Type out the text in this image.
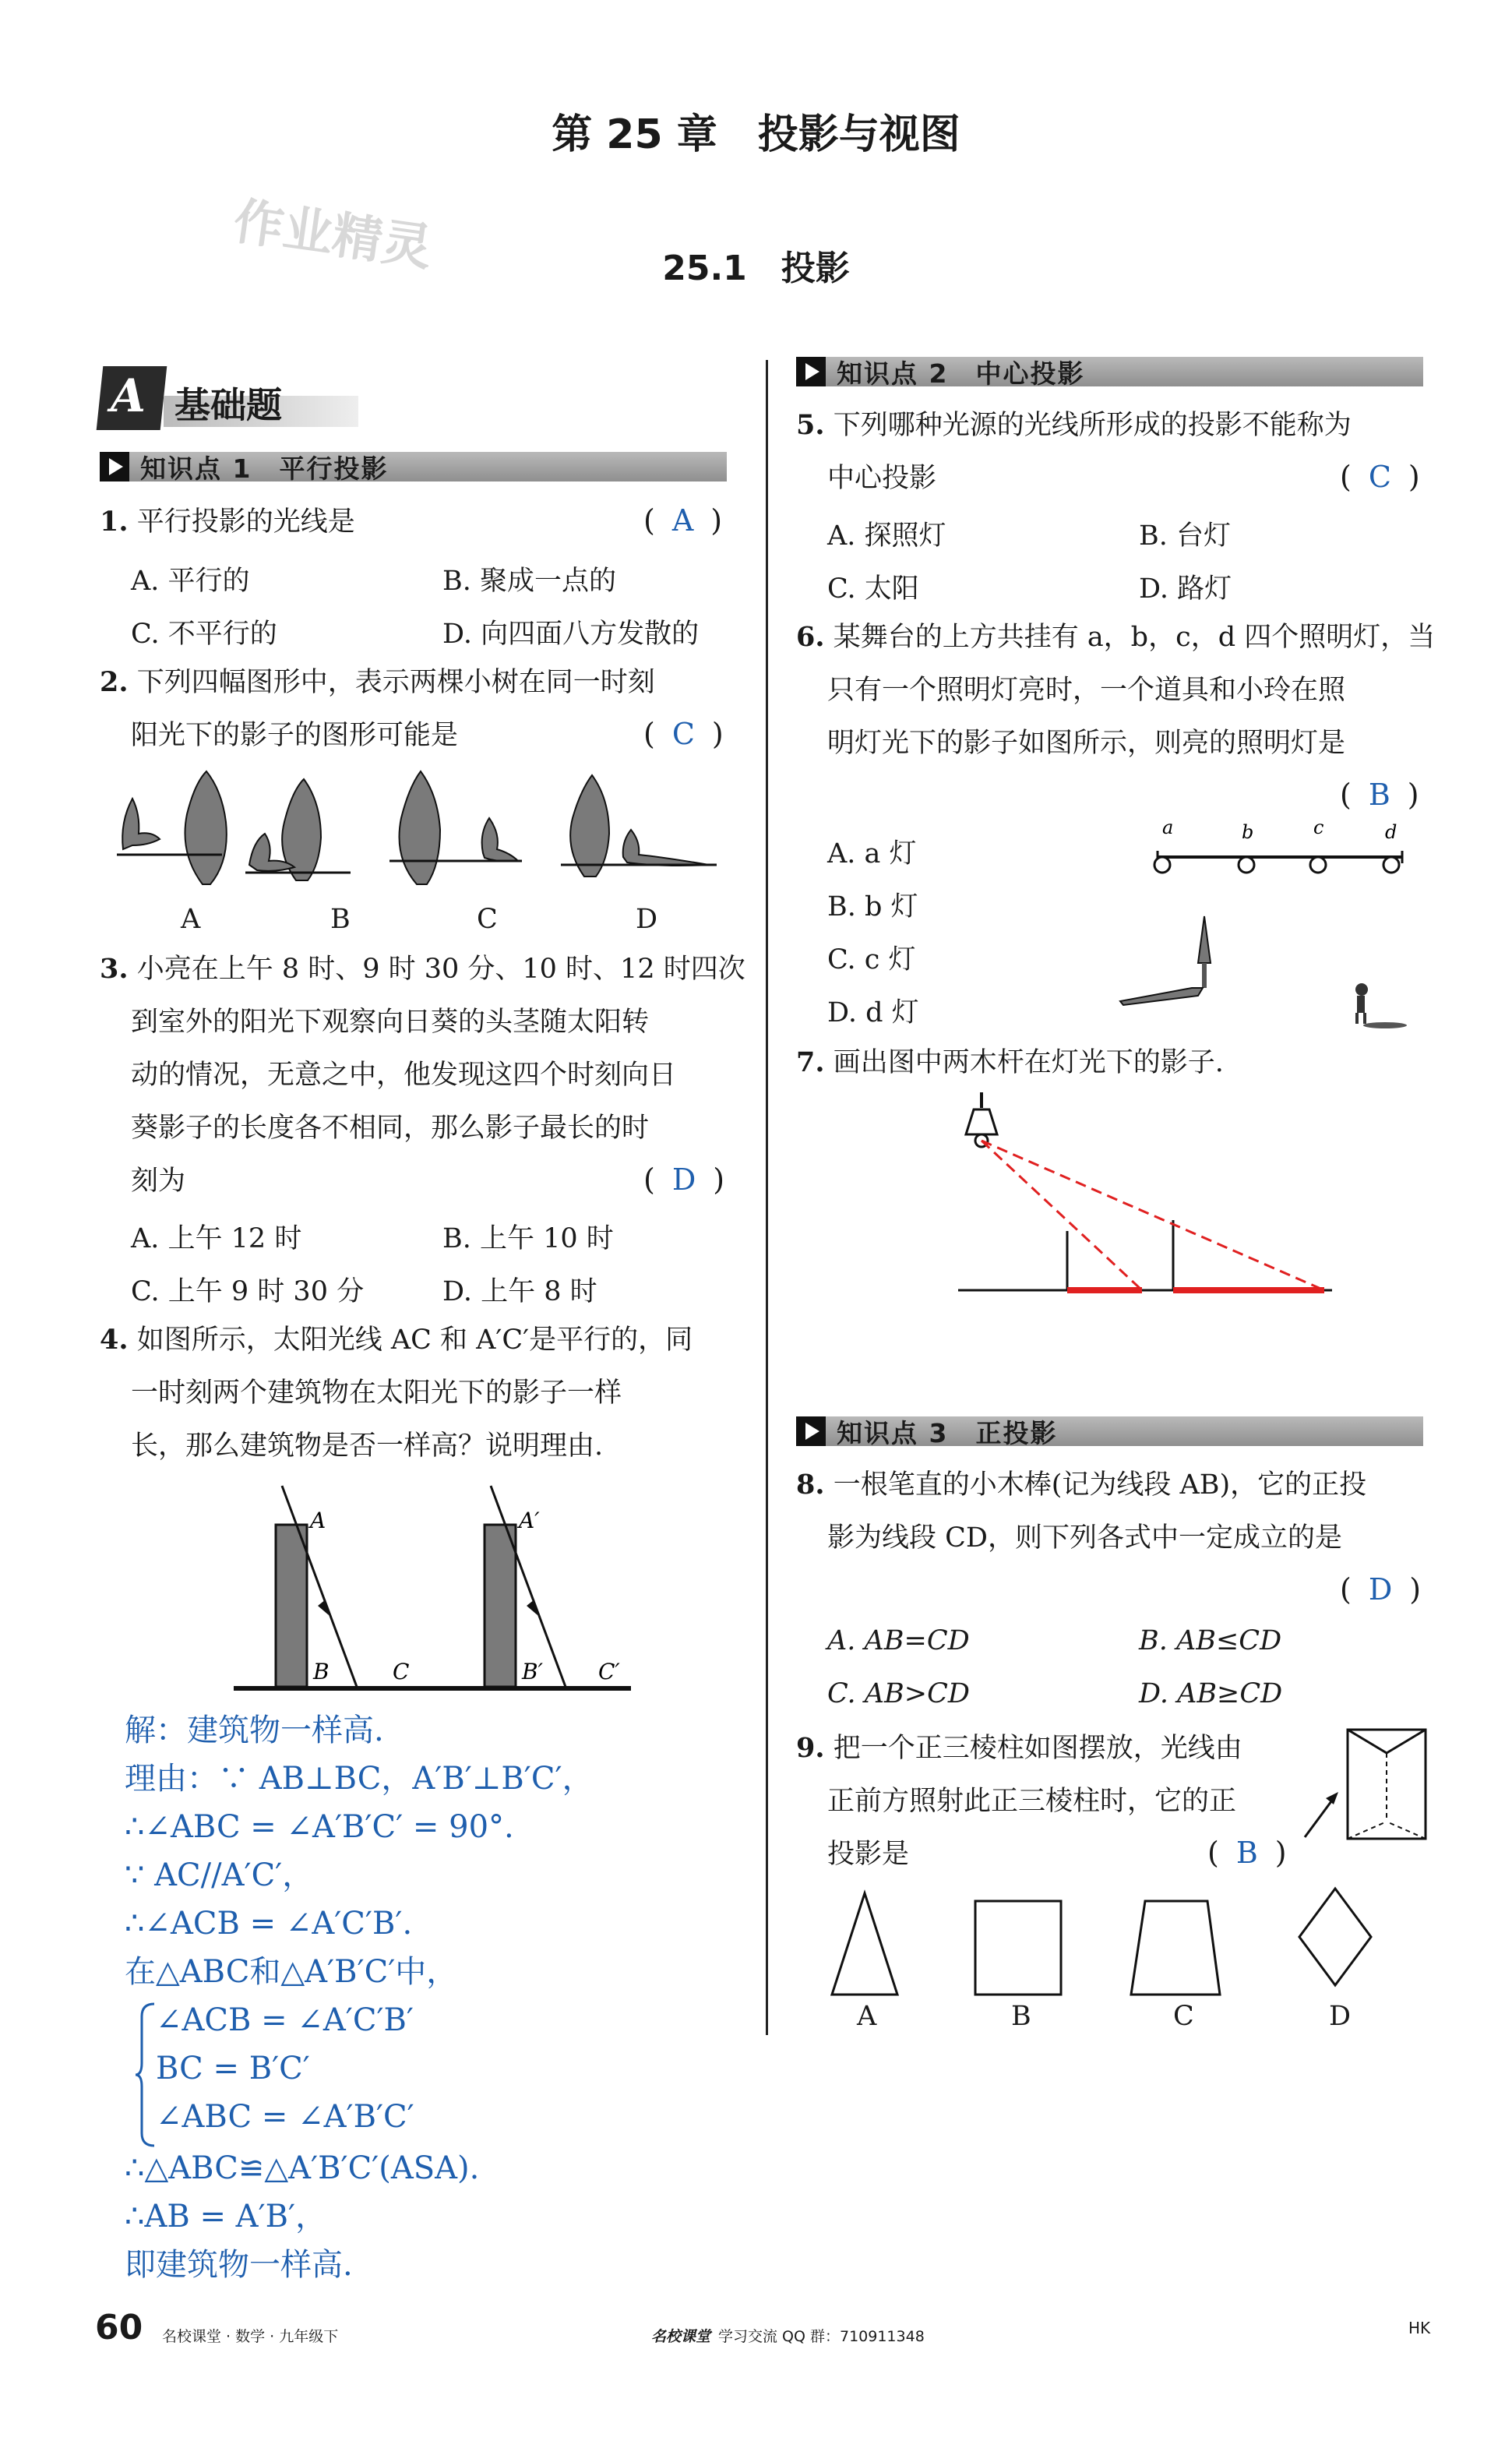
第 25 章　投影与视图
25.1　投影
作业精灵
A 基础题
知识点 1　平行投影
1. 平行投影的光线是	( A )
A. 平行的	B. 聚成一点的
C. 不平行的	D. 向四面八方发散的
2. 下列四幅图形中，表示两棵小树在同一时刻
阳光下的影子的图形可能是	( C )
A	B	C	D
3. 小亮在上午 8 时、9 时 30 分、10 时、12 时四次
到室外的阳光下观察向日葵的头茎随太阳转
动的情况，无意之中，他发现这四个时刻向日
葵影子的长度各不相同，那么影子最长的时
刻为	( D )
A. 上午 12 时	B. 上午 10 时
C. 上午 9 时 30 分	D. 上午 8 时
4. 如图所示，太阳光线 AC 和 A′C′是平行的，同
一时刻两个建筑物在太阳光下的影子一样
长，那么建筑物是否一样高？说明理由.
A
B	C
A′
B′	C′
解：建筑物一样高.
理由：∵ AB⊥BC，A′B′⊥B′C′，
∴∠ABC = ∠A′B′C′ = 90°.
∵ AC//A′C′，
∴∠ACB = ∠A′C′B′.
在△ABC和△A′B′C′中，
∠ACB = ∠A′C′B′
BC = B′C′
∠ABC = ∠A′B′C′
∴△ABC≌△A′B′C′(ASA).
∴AB = A′B′，
即建筑物一样高.
知识点 2　中心投影
5. 下列哪种光源的光线所形成的投影不能称为
中心投影	( C )
A. 探照灯	B. 台灯
C. 太阳	D. 路灯
6. 某舞台的上方共挂有 a，b，c，d 四个照明灯，当
只有一个照明灯亮时，一个道具和小玲在照
明灯光下的影子如图所示，则亮的照明灯是
( B )
A. a 灯
B. b 灯
C. c 灯
D. d 灯
a	b	c	d
7. 画出图中两木杆在灯光下的影子.
知识点 3　正投影
8. 一根笔直的小木棒(记为线段 AB)，它的正投
影为线段 CD，则下列各式中一定成立的是
( D )
A. AB=CD	B. AB≤CD
C. AB>CD	D. AB≥CD
9. 把一个正三棱柱如图摆放，光线由
正前方照射此正三棱柱时，它的正
投影是	( B )
A	B	C	D
60 名校课堂 · 数学 · 九年级下	名校课堂 学习交流 QQ 群：710911348	HK
